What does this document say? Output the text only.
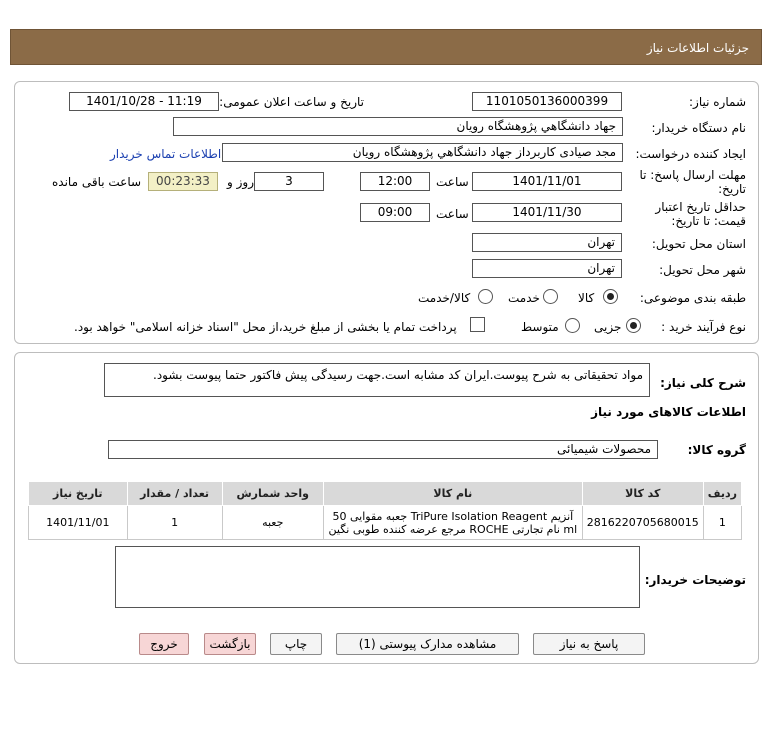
جزئیات اطلاعات نیاز
شماره نیاز:
1101050136000399
تاریخ و ساعت اعلان عمومی:
1401/10/28 - 11:19
نام دستگاه خریدار:
جهاد دانشگاهي پژوهشگاه رويان
ایجاد کننده درخواست:
مجد صيادی کاربرداز جهاد دانشگاهي پژوهشگاه رويان
اطلاعات تماس خریدار
مهلت ارسال پاسخ: تا تاریخ:
1401/11/01
ساعت
12:00
3
روز و
00:23:33
ساعت باقی مانده
حداقل تاریخ اعتبار قیمت: تا تاریخ:
1401/11/30
ساعت
09:00
استان محل تحویل:
تهران
شهر محل تحویل:
تهران
طبقه بندی موضوعی:
کالا
خدمت
کالا/خدمت
نوع فرآیند خرید :
جزیی
متوسط
پرداخت تمام یا بخشی از مبلغ خرید،از محل "اسناد خزانه اسلامی" خواهد بود.
شرح کلی نیاز:
مواد تحقیقاتی به شرح پیوست.ایران کد مشابه است.جهت رسیدگی پیش فاکتور حتما پیوست بشود.
اطلاعات کالاهای مورد نیاز
گروه کالا:
محصولات شیمیائی
ردیف	کد کالا	نام کالا	واحد شمارش	تعداد / مقدار	تاریخ نیاز
1	2816220705680015	آنزیم TriPure Isolation Reagent جعبه مقوایی 50 ml نام تجارتی ROCHE مرجع عرضه کننده طوبی نگین	جعبه	1	1401/11/01
توضیحات خریدار:
پاسخ به نیاز
مشاهده مدارک پیوستی (1)
چاپ
بازگشت
خروج
